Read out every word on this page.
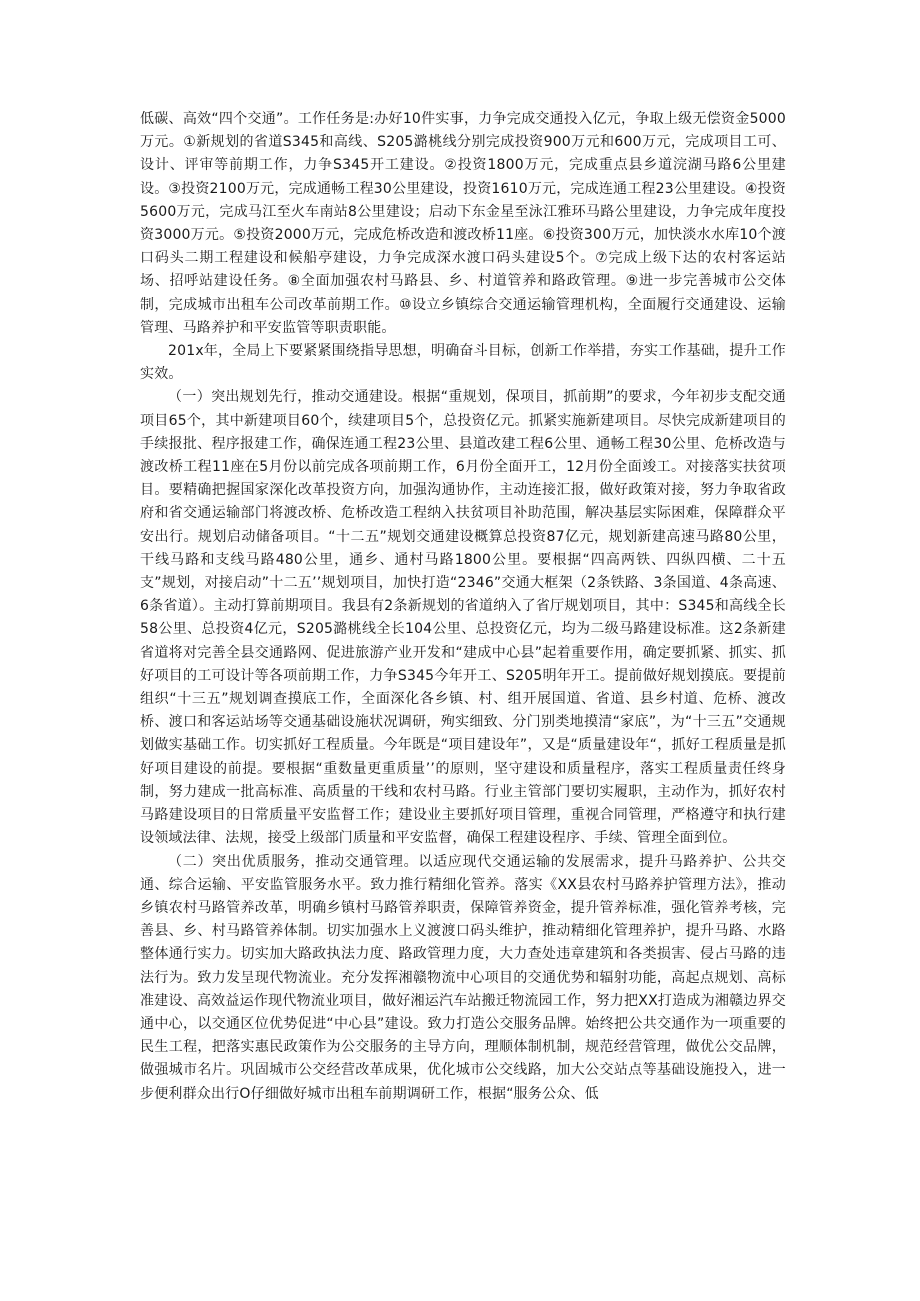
低碳、高效“四个交通”。工作任务是:办好10件实事，力争完成交通投入亿元，争取上级无偿资金5000万元。①新规划的省道S345和高线、S205潞桃线分别完成投资900万元和600万元，完成项目工可、设计、评审等前期工作，力争S345开工建设。②投资1800万元，完成重点县乡道浣湖马路6公里建设。③投资2100万元，完成通畅工程30公里建设，投资1610万元，完成连通工程23公里建设。④投资5600万元，完成马江至火车南站8公里建设；启动下东金星至泳江雅环马路公里建设，力争完成年度投资3000万元。⑤投资2000万元，完成危桥改造和渡改桥11座。⑥投资300万元，加快淡水水库10个渡口码头二期工程建设和候船亭建设，力争完成深水渡口码头建设5个。⑦完成上级下达的农村客运站场、招呼站建设任务。⑧全面加强农村马路县、乡、村道管养和路政管理。⑨进一步完善城市公交体制，完成城市出租车公司改革前期工作。⑩设立乡镇综合交通运输管理机构，全面履行交通建设、运输管理、马路养护和平安监管等职责职能。

201x年，全局上下要紧紧围绕指导思想，明确奋斗目标，创新工作举措，夯实工作基础，提升工作实效。

（一）突出规划先行，推动交通建设。根据“重规划，保项目，抓前期”的要求，今年初步支配交通项目65个，其中新建项目60个，续建项目5个，总投资亿元。抓紧实施新建项目。尽快完成新建项目的手续报批、程序报建工作，确保连通工程23公里、县道改建工程6公里、通畅工程30公里、危桥改造与渡改桥工程11座在5月份以前完成各项前期工作，6月份全面开工，12月份全面竣工。对接落实扶贫项目。要精确把握国家深化改革投资方向，加强沟通协作，主动连接汇报，做好政策对接，努力争取省政府和省交通运输部门将渡改桥、危桥改造工程纳入扶贫项目补助范围，解决基层实际困难，保障群众平安出行。规划启动储备项目。“十二五”规划交通建设概算总投资87亿元，规划新建高速马路80公里，干线马路和支线马路480公里，通乡、通村马路1800公里。要根据“四高两铁、四纵四横、二十五支”规划，对接启动”十二五’’规划项目，加快打造“2346”交通大框架（2条铁路、3条国道、4条高速、6条省道）。主动打算前期项目。我县有2条新规划的省道纳入了省厅规划项目，其中：S345和高线全长58公里、总投资4亿元，S205潞桃线全长104公里、总投资亿元，均为二级马路建设标准。这2条新建省道将对完善全县交通路网、促进旅游产业开发和“建成中心县”起着重要作用，确定要抓紧、抓实、抓好项目的工可设计等各项前期工作，力争S345今年开工、S205明年开工。提前做好规划摸底。要提前组织“十三五”规划调查摸底工作，全面深化各乡镇、村、组开展国道、省道、县乡村道、危桥、渡改桥、渡口和客运站场等交通基础设施状况调研，殉实细致、分门别类地摸清“家底”，为“十三五”交通规划做实基础工作。切实抓好工程质量。今年既是“项目建设年”，又是“质量建设年“，抓好工程质量是抓好项目建设的前提。要根据“重数量更重质量’’的原则，坚守建设和质量程序，落实工程质量责任终身制，努力建成一批高标准、高质量的干线和农村马路。行业主管部门要切实履职，主动作为，抓好农村马路建设项目的日常质量平安监督工作；建设业主要抓好项目管理，重视合同管理，严格遵守和执行建设领域法律、法规，接受上级部门质量和平安监督，确保工程建设程序、手续、管理全面到位。

（二）突出优质服务，推动交通管理。以适应现代交通运输的发展需求，提升马路养护、公共交通、综合运输、平安监管服务水平。致力推行精细化管养。落实《XX县农村马路养护管理方法》，推动乡镇农村马路管养改革，明确乡镇村马路管养职责，保障管养资金，提升管养标准，强化管养考核，完善县、乡、村马路管养体制。切实加强水上义渡渡口码头维护，推动精细化管理养护，提升马路、水路整体通行实力。切实加大路政执法力度、路政管理力度，大力查处违章建筑和各类损害、侵占马路的违法行为。致力发呈现代物流业。充分发挥湘赣物流中心项目的交通优势和辐射功能，高起点规划、高标准建设、高效益运作现代物流业项目，做好湘运汽车站搬迁物流园工作，努力把XX打造成为湘赣边界交通中心，以交通区位优势促进“中心县”建设。致力打造公交服务品牌。始终把公共交通作为一项重要的民生工程，把落实惠民政策作为公交服务的主导方向，理顺体制机制，规范经营管理，做优公交品牌，做强城市名片。巩固城市公交经营改革成果，优化城市公交线路，加大公交站点等基础设施投入，进一步便利群众出行O仔细做好城市出租车前期调研工作，根据“服务公众、低
